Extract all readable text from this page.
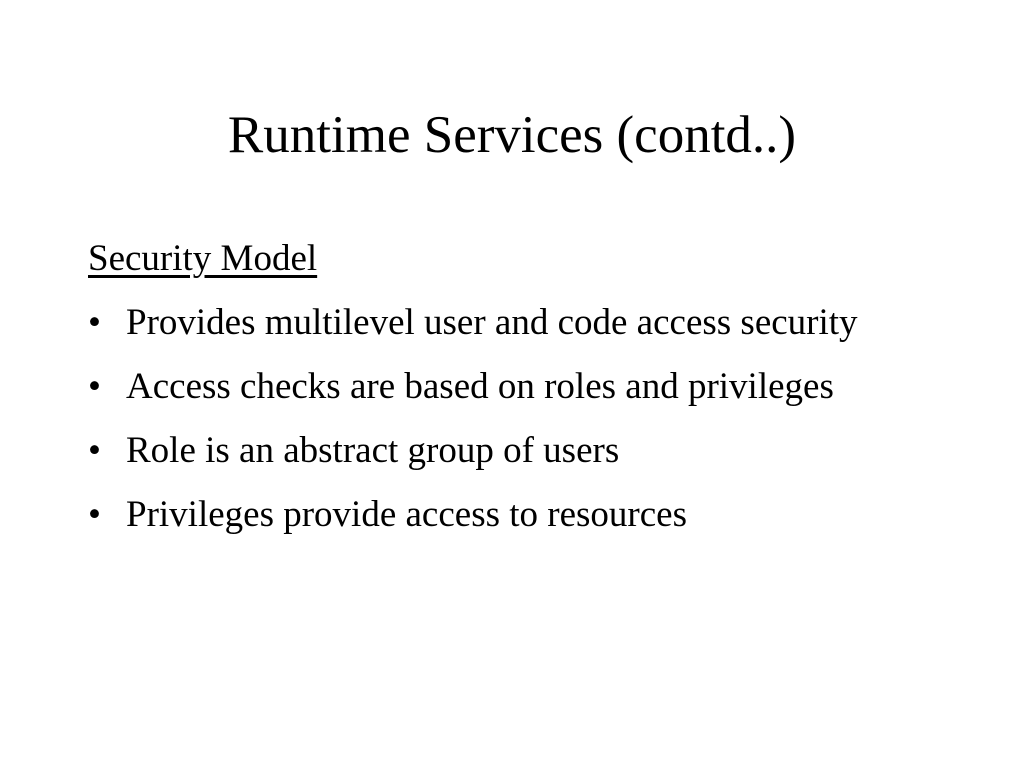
Runtime Services (contd..)

Security Model

• Provides multilevel user and code access security
• Access checks are based on roles and privileges
• Role is an abstract group of users
• Privileges provide access to resources
